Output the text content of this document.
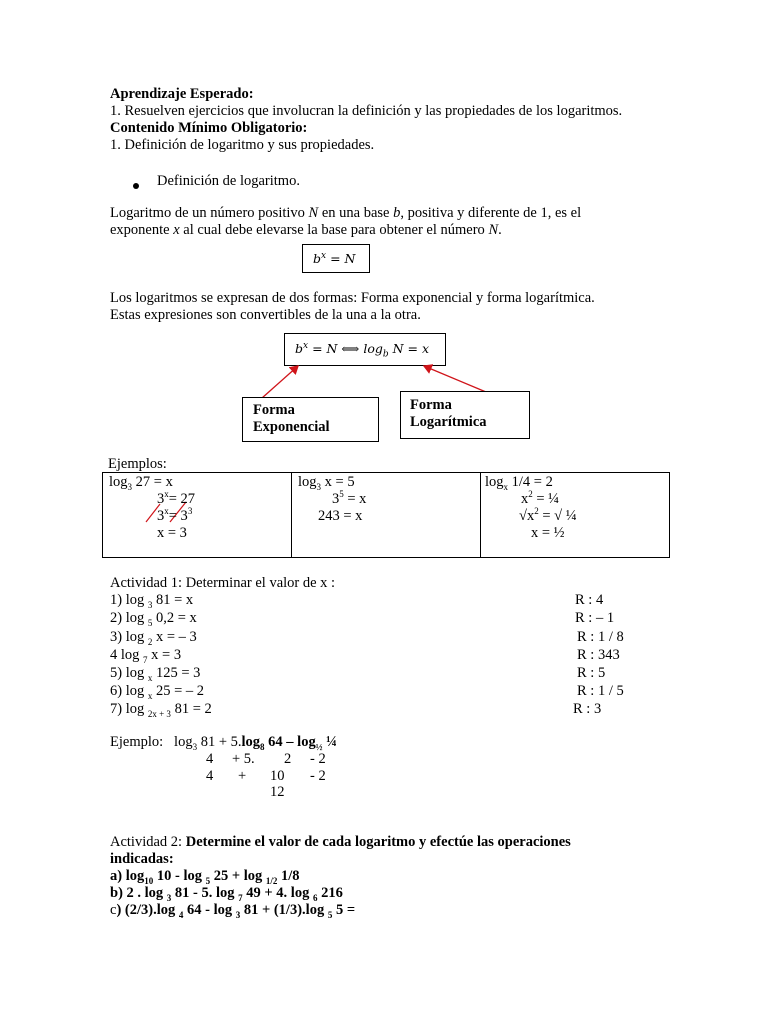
Aprendizaje Esperado:
1. Resuelven ejercicios que involucran la definición y las propiedades de los logaritmos.
Contenido Mínimo Obligatorio:
1. Definición de logaritmo y sus propiedades.
Definición de logaritmo.
Logaritmo de un número positivo N en una base b, positiva y diferente de 1, es el
exponente x al cual debe elevarse la base para obtener el número N.
$b^x = N$
Los logaritmos se expresan de dos formas: Forma exponencial y forma logarítmica.
Estas expresiones son convertibles de la una a la otra.
$b^x = N$ ⟺ $\log_b N = x$
Forma
Exponencial
Forma
Logarítmica
Ejemplos:
$\log_3 27 = x$
$3^x= 27$
$3^x= 3^3$
x = 3

$\log_3 x = 5$
$3^5 = x$
243 = x

$\log_x 1/4 = 2$
$x^2$ = ¼
$√x^2$ = √ ¼
x = ½
Actividad 1: Determinar el valor de x :
1) log $_3$ 81 = x	R : 4
2) log $_5$ 0,2 = x	R : – 1
3) log $_2$ x = – 3	R : 1 / 8
4 log $_7$ x = 3	R : 343
5) log $_x$ 125 = 3	R : 5
6) log $_x$ 25 = – 2	R : 1 / 5
7) log $_{2x + 3}$ 81 = 2	R : 3
Ejemplo: $\log_3 81 + 5.\log_8$ $64 - \log_{\frac{1}{2}}$ ¼
4 + 5. 2 - 2
4 + 10 - 2
12
Actividad 2: Determine el valor de cada logaritmo y efectúe las operaciones
indicadas:
a) $\log_{10} 10$ - log $_5$ 25 + log $_{1/2}$ 1/8
b) 2 . log $_3$ 81 - 5. log $_7$ 49 + 4. log $_6$ 216
c) (2/3).log $_4$ 64 - log $_3$ 81 + (1/3).log $_5$ 5 =
